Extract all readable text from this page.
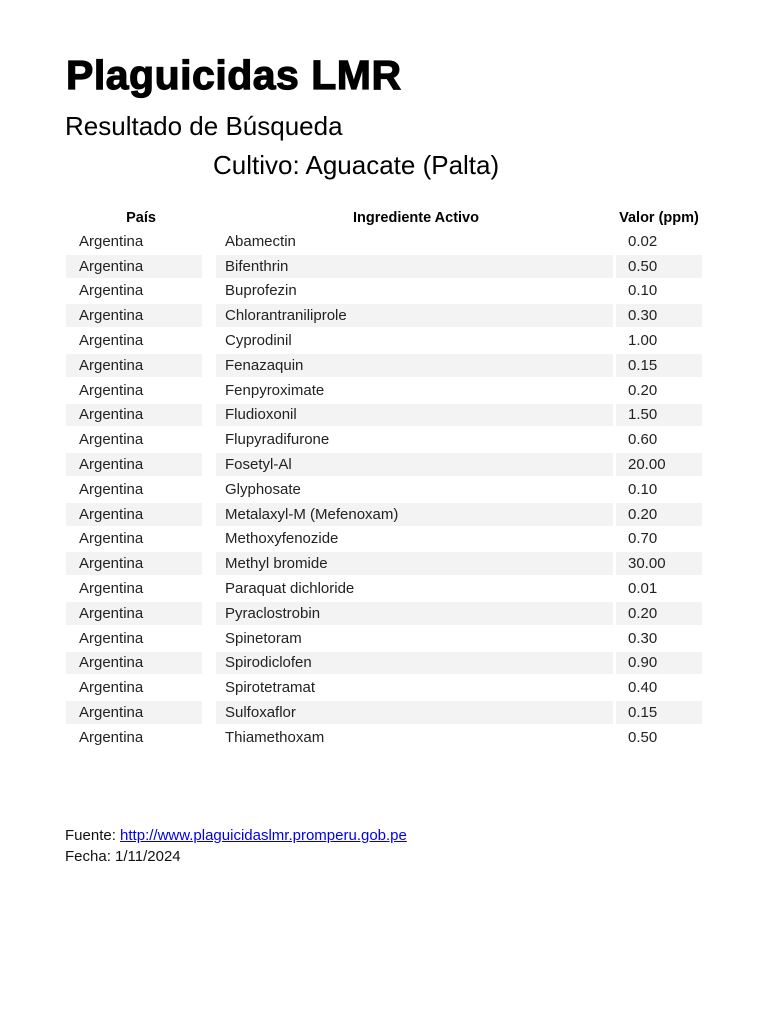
Plaguicidas LMR
Resultado de Búsqueda
Cultivo: Aguacate (Palta)
País	Ingrediente Activo	Valor (ppm)
Argentina	Abamectin	0.02
Argentina	Bifenthrin	0.50
Argentina	Buprofezin	0.10
Argentina	Chlorantraniliprole	0.30
Argentina	Cyprodinil	1.00
Argentina	Fenazaquin	0.15
Argentina	Fenpyroximate	0.20
Argentina	Fludioxonil	1.50
Argentina	Flupyradifurone	0.60
Argentina	Fosetyl-Al	20.00
Argentina	Glyphosate	0.10
Argentina	Metalaxyl-M (Mefenoxam)	0.20
Argentina	Methoxyfenozide	0.70
Argentina	Methyl bromide	30.00
Argentina	Paraquat dichloride	0.01
Argentina	Pyraclostrobin	0.20
Argentina	Spinetoram	0.30
Argentina	Spirodiclofen	0.90
Argentina	Spirotetramat	0.40
Argentina	Sulfoxaflor	0.15
Argentina	Thiamethoxam	0.50
Fuente: http://www.plaguicidaslmr.promperu.gob.pe
Fecha: 1/11/2024
